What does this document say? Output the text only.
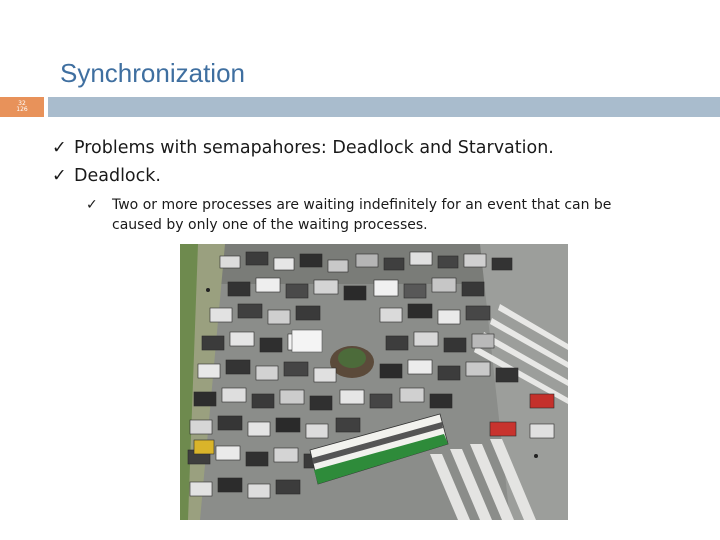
Synchronization
32
126
✓ Problems with semapahores: Deadlock and Starvation.
✓ Deadlock.
✓ Two or more processes are waiting indefinitely for an event that can be
caused by only one of the waiting processes.
